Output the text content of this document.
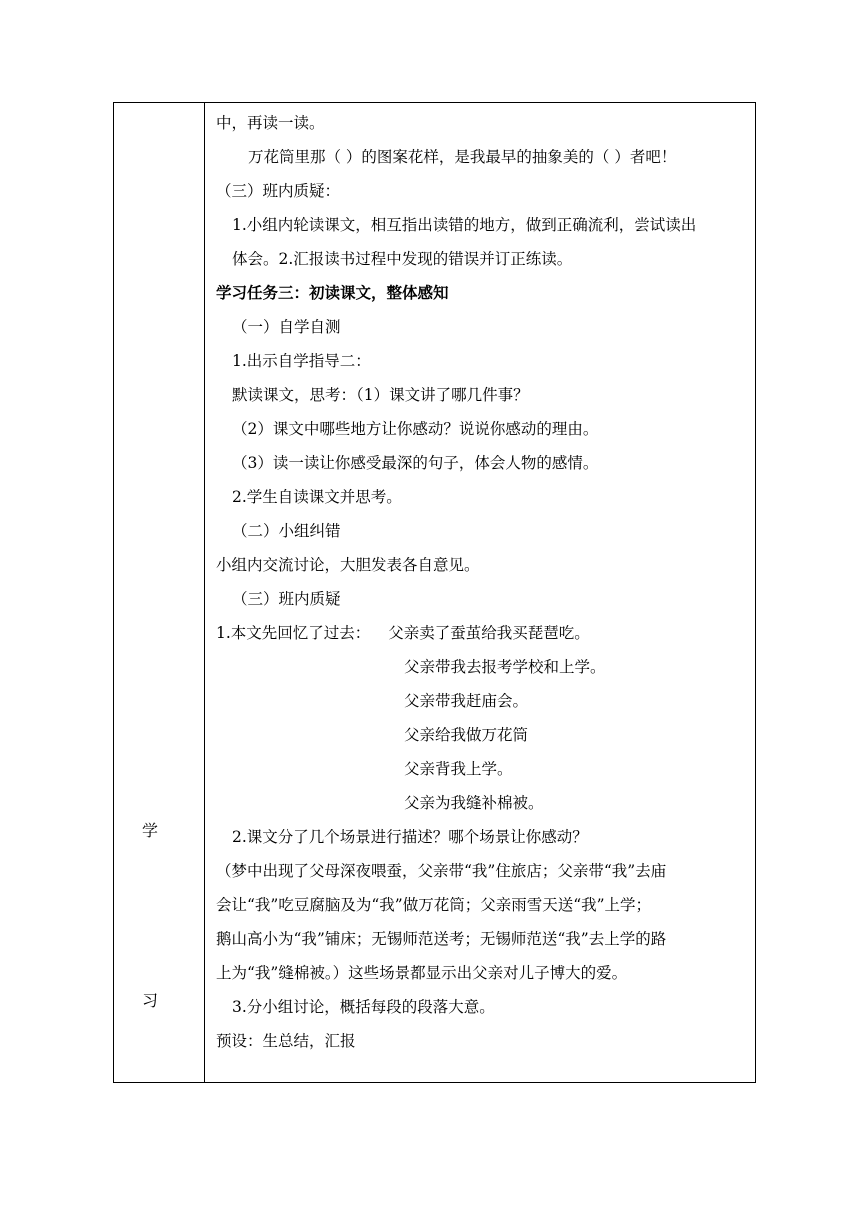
学
习
中，再读一读。
万花筒里那（ ）的图案花样，是我最早的抽象美的（ ）者吧！
（三）班内质疑：
1.小组内轮读课文，相互指出读错的地方，做到正确流利，尝试读出
体会。2.汇报读书过程中发现的错误并订正练读。
学习任务三：初读课文，整体感知
（一）自学自测
1.出示自学指导二：
默读课文，思考：（1）课文讲了哪几件事？
（2）课文中哪些地方让你感动？说说你感动的理由。
（3）读一读让你感受最深的句子，体会人物的感情。
2.学生自读课文并思考。
（二）小组纠错
小组内交流讨论，大胆发表各自意见。
（三）班内质疑
1.本文先回忆了过去： 父亲卖了蚕茧给我买琵琶吃。
父亲带我去报考学校和上学。
父亲带我赶庙会。
父亲给我做万花筒
父亲背我上学。
父亲为我缝补棉被。
2.课文分了几个场景进行描述？哪个场景让你感动？
（梦中出现了父母深夜喂蚕，父亲带“我”住旅店；父亲带“我”去庙
会让“我”吃豆腐脑及为“我”做万花筒；父亲雨雪天送“我”上学；
鹅山高小为“我”铺床；无锡师范送考；无锡师范送“我”去上学的路
上为“我”缝棉被。）这些场景都显示出父亲对儿子博大的爱。
3.分小组讨论，概括每段的段落大意。
预设：生总结，汇报
